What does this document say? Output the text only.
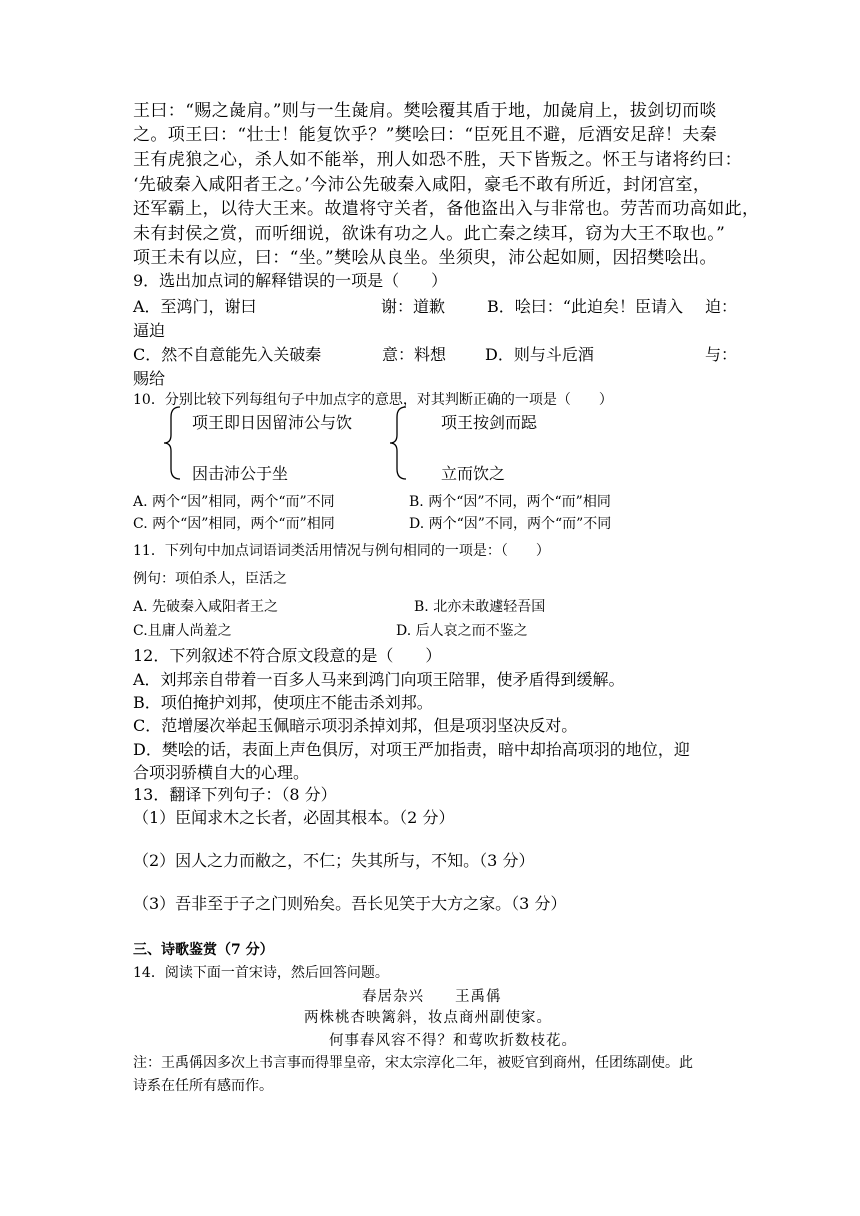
王曰：“赐之彘肩。”则与一生彘肩。樊哙覆其盾于地，加彘肩上，拔剑切而啖
之。项王曰：“壮士！能复饮乎？”樊哙曰：“臣死且不避，卮酒安足辞！夫秦
王有虎狼之心，杀人如不能举，刑人如恐不胜，天下皆叛之。怀王与诸将约曰：
‘先破秦入咸阳者王之。’今沛公先破秦入咸阳，豪毛不敢有所近，封闭宫室，
还军霸上，以待大王来。故遣将守关者，备他盗出入与非常也。劳苦而功高如此，
未有封侯之赏，而听细说，欲诛有功之人。此亡秦之续耳，窃为大王不取也。”
项王未有以应，曰：“坐。”樊哙从良坐。坐须臾，沛公起如厕，因招樊哙出。
9．选出加点词的解释错误的一项是（　　）
A．至鸿门，谢曰	谢：道歉	B．哙曰：“此迫矣！臣请入 迫：
逼迫
C．然不自意能先入关破秦	意：料想 D．则与斗卮酒	与：
赐给
10．分别比较下列每组句子中加点字的意思，对其判断正确的一项是（　　）
项王即日因留沛公与饮
因击沛公于坐
项王按剑而跽
立而饮之
A. 两个“因”相同，两个“而”不同	B. 两个“因”不同，两个“而”相同
C. 两个“因”相同，两个“而”相同	D. 两个“因”不同，两个“而”不同
11．下列句中加点词语词类活用情况与例句相同的一项是：（　　）
例句：项伯杀人，臣活之
A. 先破秦入咸阳者王之	B. 北亦未敢遽轻吾国
C.且庸人尚羞之	D. 后人哀之而不鉴之
12．下列叙述不符合原文段意的是（　　）
A．刘邦亲自带着一百多人马来到鸿门向项王陪罪，使矛盾得到缓解。
B．项伯掩护刘邦，使项庄不能击杀刘邦。
C．范增屡次举起玉佩暗示项羽杀掉刘邦，但是项羽坚决反对。
D．樊哙的话，表面上声色俱厉，对项王严加指责，暗中却抬高项羽的地位，迎
合项羽骄横自大的心理。
13．翻译下列句子：（8 分）
（1）臣闻求木之长者，必固其根本。（2 分）
（2）因人之力而敝之，不仁；失其所与，不知。（3 分）
（3）吾非至于子之门则殆矣。吾长见笑于大方之家。（3 分）
三、诗歌鉴赏（7 分）
14．阅读下面一首宋诗，然后回答问题。
春居杂兴 王禹偁
两株桃杏映篱斜，妆点商州副使家。
何事春风容不得？和莺吹折数枝花。
注：王禹偁因多次上书言事而得罪皇帝，宋太宗淳化二年，被贬官到商州，任团练副使。此
诗系在任所有感而作。
